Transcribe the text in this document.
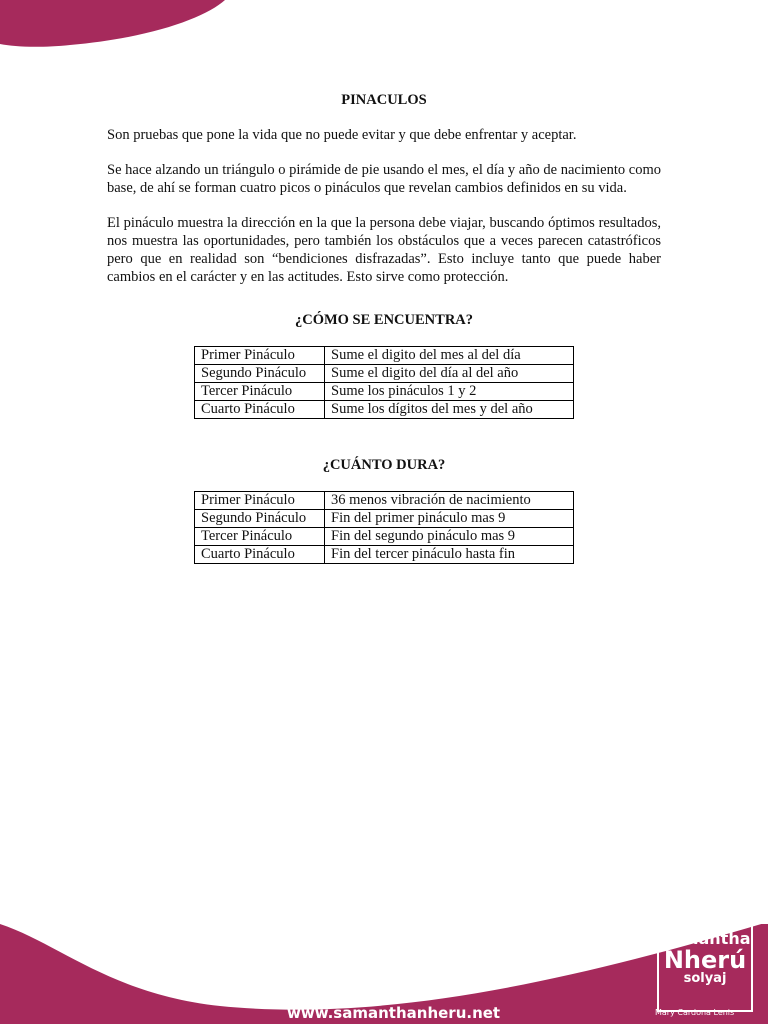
PINACULOS

Son pruebas que pone la vida que no puede evitar y que debe enfrentar y aceptar.

Se hace alzando un triángulo o pirámide de pie usando el mes, el día y año de nacimiento como base, de ahí se forman cuatro picos o pináculos que revelan cambios definidos en su vida.

El pináculo muestra la dirección en la que la persona debe viajar, buscando óptimos resultados, nos muestra las oportunidades, pero también los obstáculos que a veces parecen catastróficos pero que en realidad son “bendiciones disfrazadas”. Esto incluye tanto que puede haber cambios en el carácter y en las actitudes. Esto sirve como protección.

¿CÓMO SE ENCUENTRA?
Primer Pináculo	Sume el digito del mes al del día
Segundo Pináculo	Sume el digito del día al del año
Tercer Pináculo	Sume los pináculos 1 y 2
Cuarto Pináculo	Sume los dígitos del mes y del año
¿CUÁNTO DURA?
Primer Pináculo	36 menos vibración de nacimiento
Segundo Pináculo	Fin del primer pináculo mas 9
Tercer Pináculo	Fin del segundo pináculo mas 9
Cuarto Pináculo	Fin del tercer pináculo hasta fin
www.samanthanheru.net
Samantha
Nherú
solyaj
Mary Cardona Lenis
